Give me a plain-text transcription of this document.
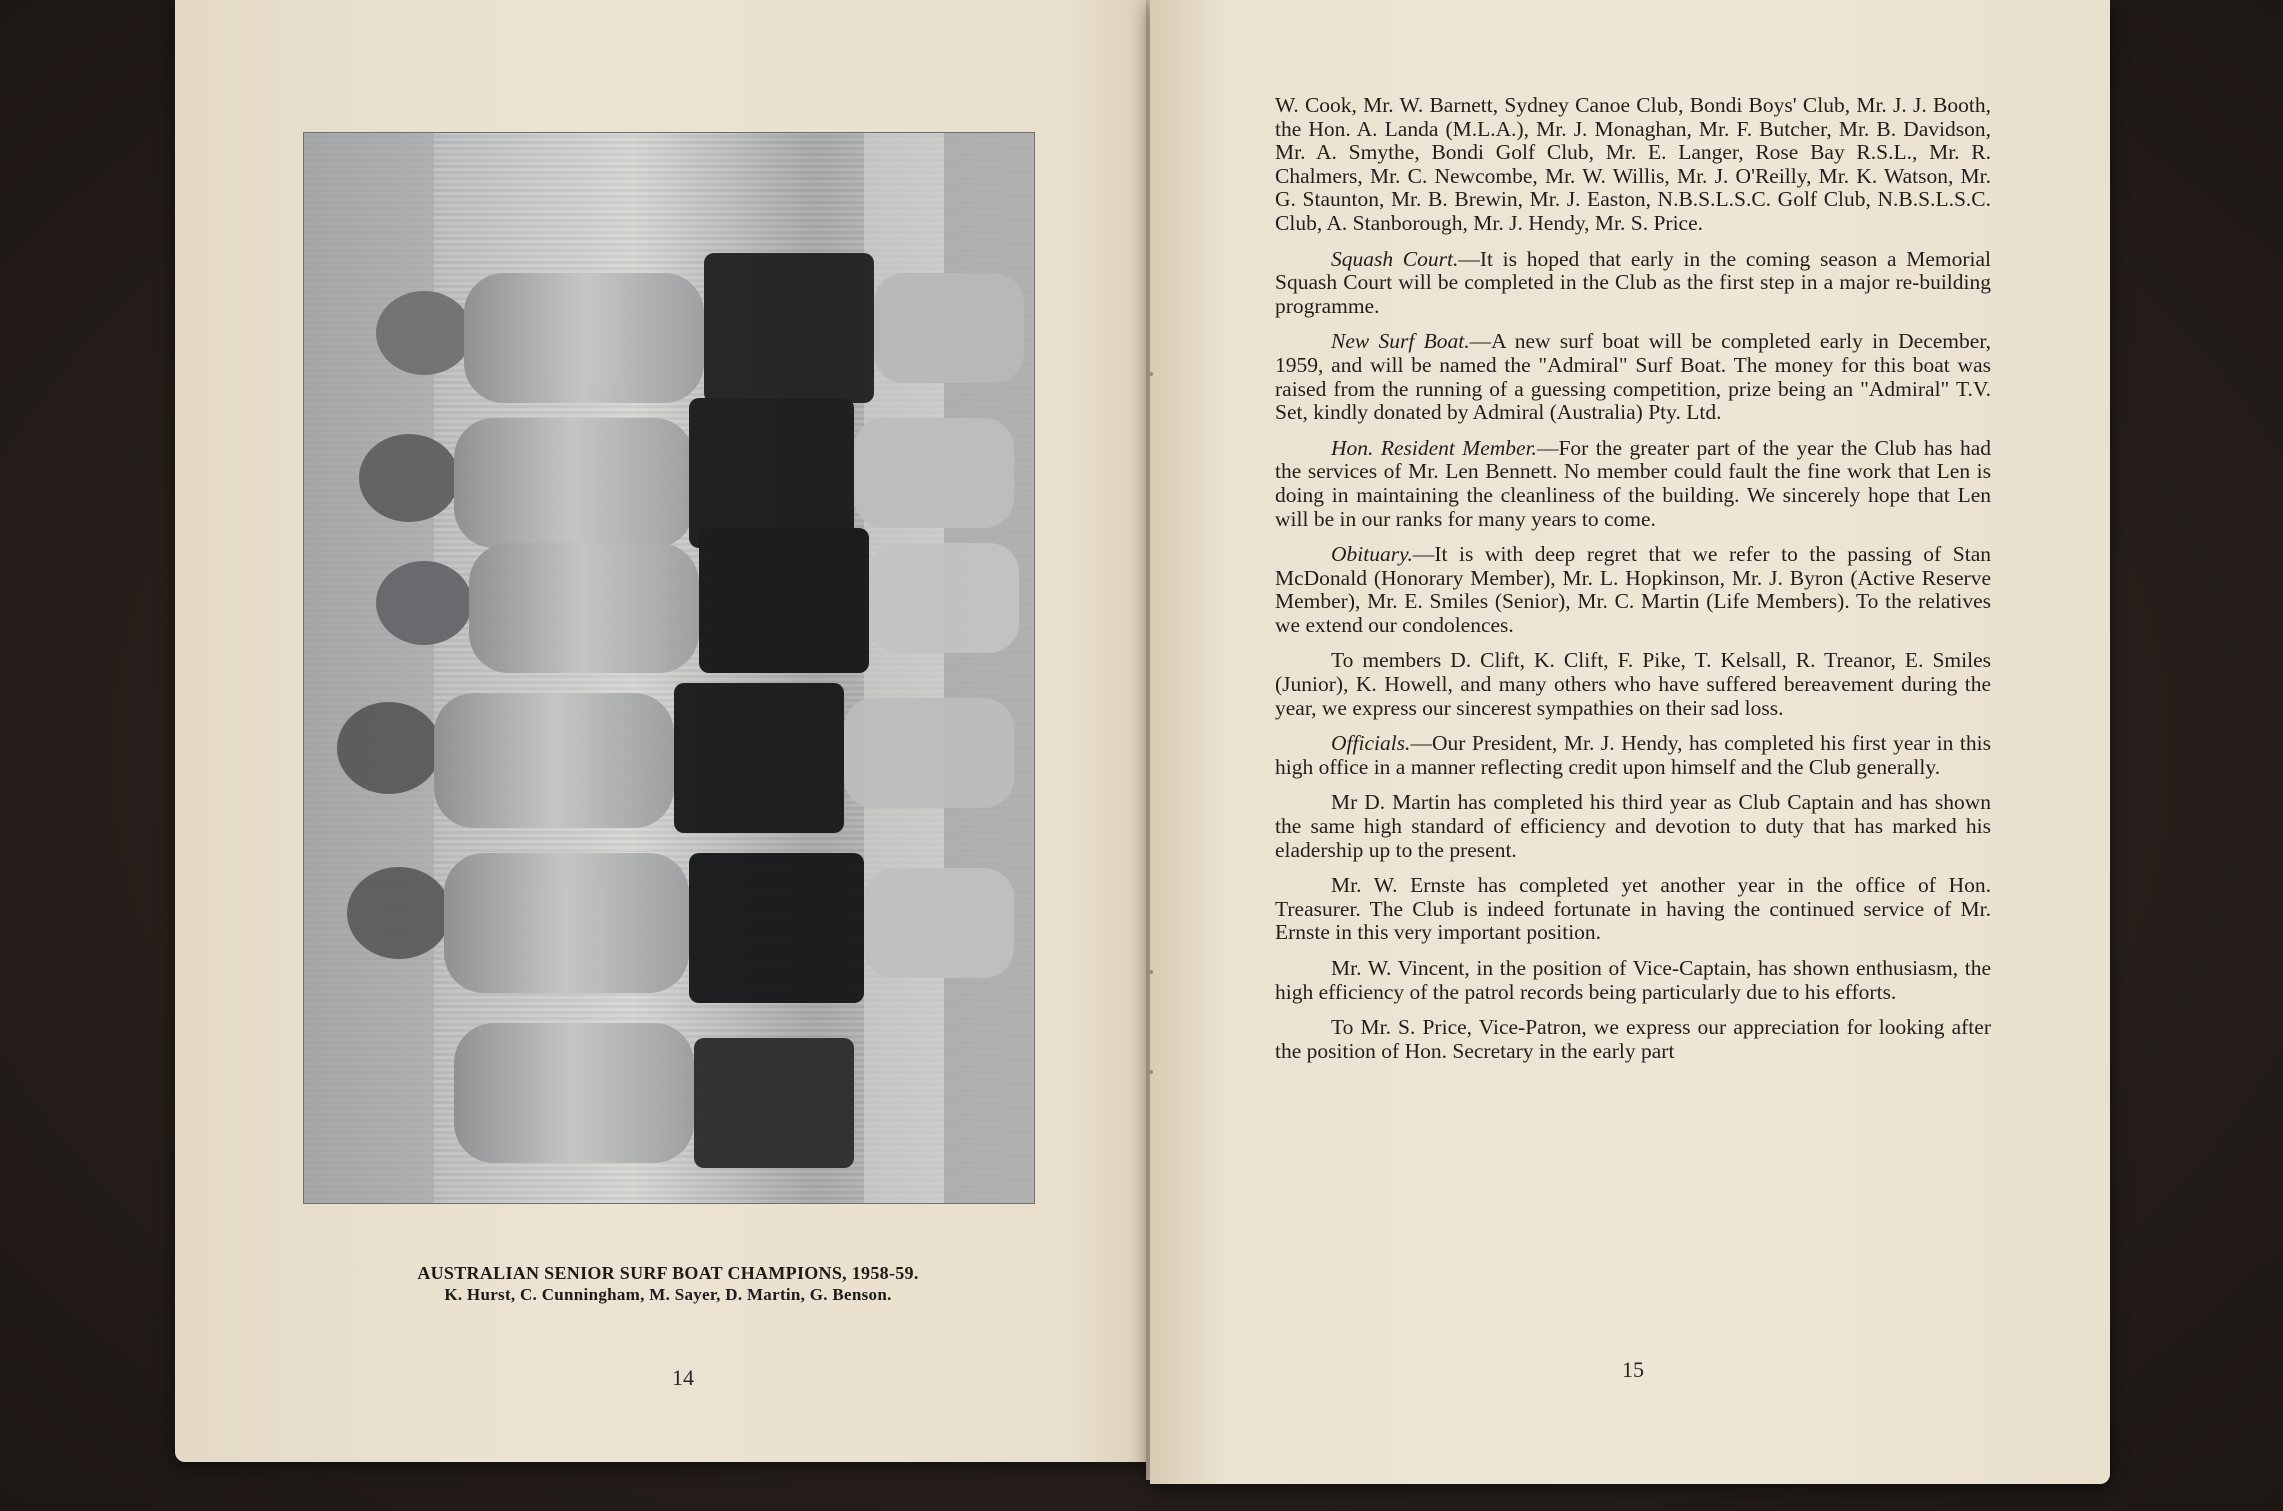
AUSTRALIAN SENIOR SURF BOAT CHAMPIONS, 1958-59.
K. Hurst, C. Cunningham, M. Sayer, D. Martin, G. Benson.
14

W. Cook, Mr. W. Barnett, Sydney Canoe Club, Bondi Boys' Club, Mr. J. J. Booth, the Hon. A. Landa (M.L.A.), Mr. J. Monaghan, Mr. F. Butcher, Mr. B. Davidson, Mr. A. Smythe, Bondi Golf Club, Mr. E. Langer, Rose Bay R.S.L., Mr. R. Chalmers, Mr. C. Newcombe, Mr. W. Willis, Mr. J. O'Reilly, Mr. K. Watson, Mr. G. Staunton, Mr. B. Brewin, Mr. J. Easton, N.B.S.L.S.C. Golf Club, N.B.S.L.S.C. Club, A. Stanborough, Mr. J. Hendy, Mr. S. Price.

Squash Court.—It is hoped that early in the coming season a Memorial Squash Court will be completed in the Club as the first step in a major re-building programme.

New Surf Boat.—A new surf boat will be completed early in December, 1959, and will be named the "Admiral" Surf Boat. The money for this boat was raised from the running of a guessing competition, prize being an "Admiral" T.V. Set, kindly donated by Admiral (Australia) Pty. Ltd.

Hon. Resident Member.—For the greater part of the year the Club has had the services of Mr. Len Bennett. No member could fault the fine work that Len is doing in maintaining the cleanliness of the building. We sincerely hope that Len will be in our ranks for many years to come.

Obituary.—It is with deep regret that we refer to the passing of Stan McDonald (Honorary Member), Mr. L. Hopkinson, Mr. J. Byron (Active Reserve Member), Mr. E. Smiles (Senior), Mr. C. Martin (Life Members). To the relatives we extend our condolences.

To members D. Clift, K. Clift, F. Pike, T. Kelsall, R. Treanor, E. Smiles (Junior), K. Howell, and many others who have suffered bereavement during the year, we express our sincerest sympathies on their sad loss.

Officials.—Our President, Mr. J. Hendy, has completed his first year in this high office in a manner reflecting credit upon himself and the Club generally.

Mr D. Martin has completed his third year as Club Captain and has shown the same high standard of efficiency and devotion to duty that has marked his eladership up to the present.

Mr. W. Ernste has completed yet another year in the office of Hon. Treasurer. The Club is indeed fortunate in having the continued service of Mr. Ernste in this very important position.

Mr. W. Vincent, in the position of Vice-Captain, has shown enthusiasm, the high efficiency of the patrol records being particularly due to his efforts.

To Mr. S. Price, Vice-Patron, we express our appreciation for looking after the position of Hon. Secretary in the early part

15
